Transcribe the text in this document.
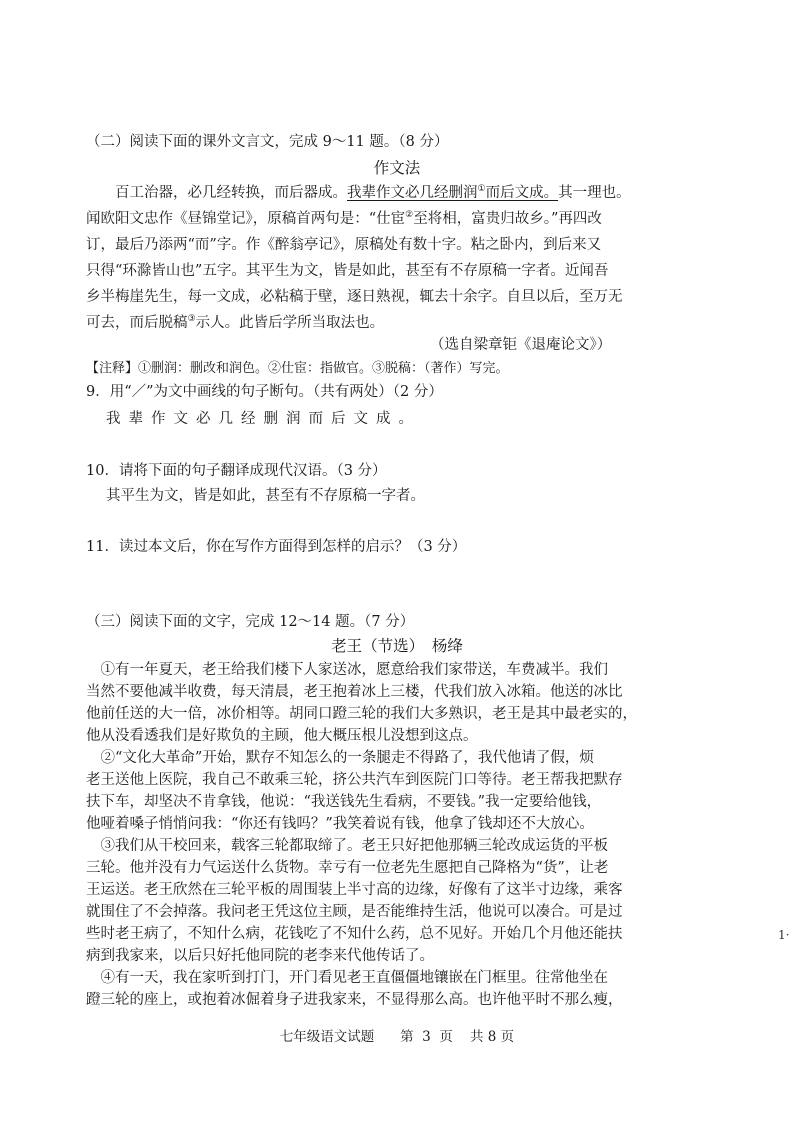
（二）阅读下面的课外文言文，完成 9～11 题。（8 分）
作文法
百工治器，必几经转换，而后器成。我辈作文必几经删润①而后文成。其一理也。
闻欧阳文忠作《昼锦堂记》，原稿首两句是：“仕宦②至将相，富贵归故乡。”再四改
订，最后乃添两“而”字。作《醉翁亭记》，原稿处有数十字。粘之卧内，到后来又
只得“环滁皆山也”五字。其平生为文，皆是如此，甚至有不存原稿一字者。近闻吾
乡半梅崖先生，每一文成，必粘稿于壁，逐日熟视，辄去十余字。自旦以后，至万无
可去，而后脱稿③示人。此皆后学所当取法也。
（选自梁章钜《退庵论文》）
【注释】①删润：删改和润色。②仕宦：指做官。③脱稿：（著作）写完。
9．用“／”为文中画线的句子断句。（共有两处）（2 分）
我辈作文必几经删润而后文成。
10．请将下面的句子翻译成现代汉语。（3 分）
其平生为文，皆是如此，甚至有不存原稿一字者。
11．读过本文后，你在写作方面得到怎样的启示？（3 分）
（三）阅读下面的文字，完成 12～14 题。（7 分）
老王（节选）　杨绛
　①有一年夏天，老王给我们楼下人家送冰，愿意给我们家带送，车费减半。我们
当然不要他减半收费，每天清晨，老王抱着冰上三楼，代我们放入冰箱。他送的冰比
他前任送的大一倍，冰价相等。胡同口蹬三轮的我们大多熟识，老王是其中最老实的，
他从没看透我们是好欺负的主顾，他大概压根儿没想到这点。
　②“文化大革命”开始，默存不知怎么的一条腿走不得路了，我代他请了假，烦
老王送他上医院，我自己不敢乘三轮，挤公共汽车到医院门口等待。老王帮我把默存
扶下车，却坚决不肯拿钱，他说：“我送钱先生看病，不要钱。”我一定要给他钱，
他哑着嗓子悄悄问我：“你还有钱吗？”我笑着说有钱，他拿了钱却还不大放心。
　③我们从干校回来，载客三轮都取缔了。老王只好把他那辆三轮改成运货的平板
三轮。他并没有力气运送什么货物。幸亏有一位老先生愿把自己降格为“货”，让老
王运送。老王欣然在三轮平板的周围装上半寸高的边缘，好像有了这半寸边缘，乘客
就围住了不会掉落。我问老王凭这位主顾，是否能维持生活，他说可以凑合。可是过
些时老王病了，不知什么病，花钱吃了不知什么药，总不见好。开始几个月他还能扶
病到我家来，以后只好托他同院的老李来代他传话了。
　④有一天，我在家听到打门，开门看见老王直僵僵地镶嵌在门框里。往常他坐在
蹬三轮的座上，或抱着冰倔着身子进我家来，不显得那么高。也许他平时不那么瘦，
1·
七年级语文试题 第  3  页 共 8 页
